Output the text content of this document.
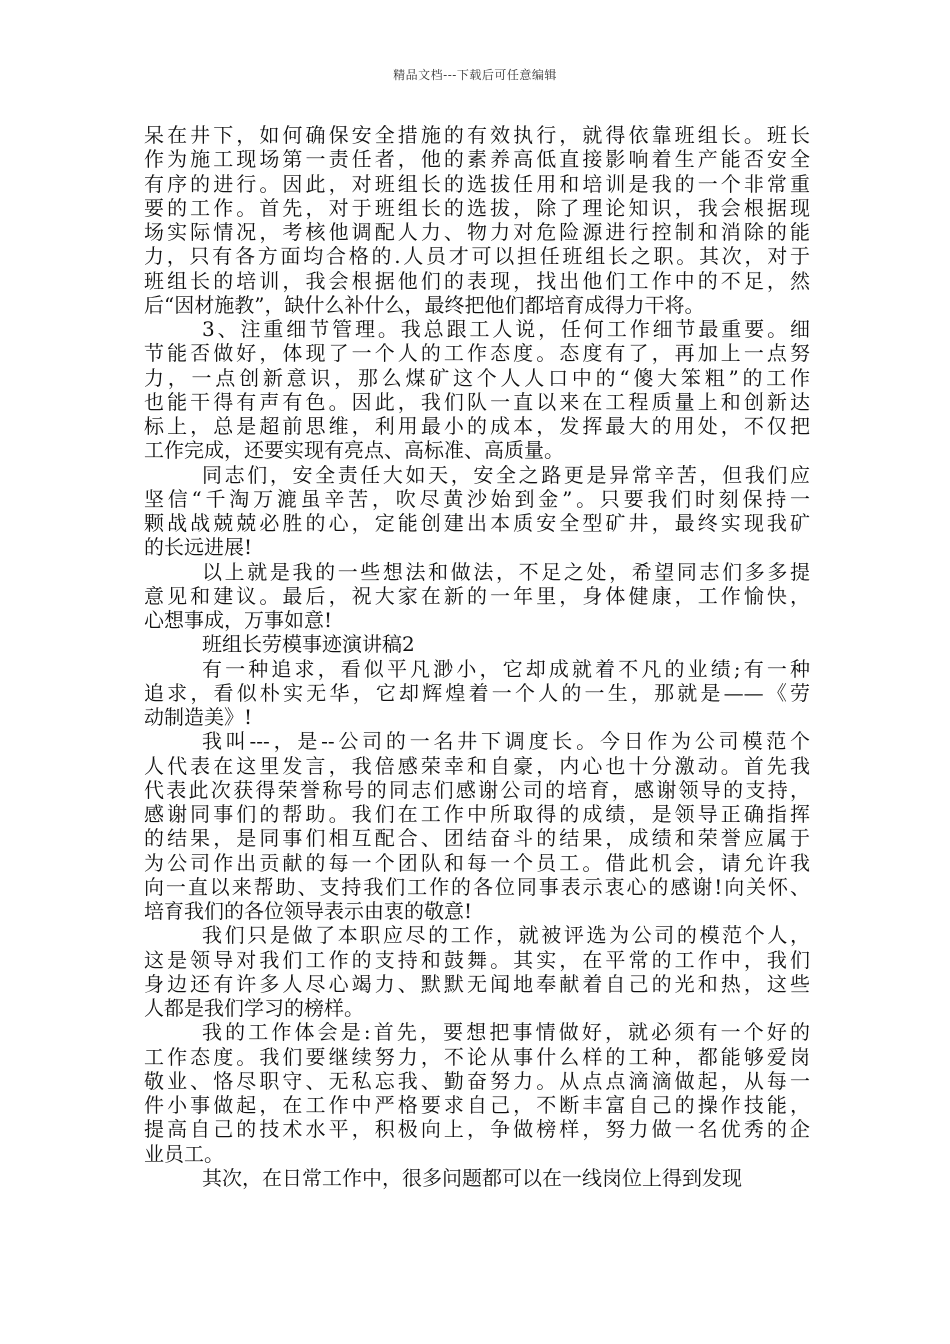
精品文档---下载后可任意编辑
呆在井下，如何确保安全措施的有效执行，就得依靠班组长。班长
作为施工现场第一责任者，他的素养高低直接影响着生产能否安全
有序的进行。因此，对班组长的选拔任用和培训是我的一个非常重
要的工作。首先，对于班组长的选拔，除了理论知识，我会根据现
场实际情况，考核他调配人力、物力对危险源进行控制和消除的能
力，只有各方面均合格的.人员才可以担任班组长之职。其次，对于
班组长的培训，我会根据他们的表现，找出他们工作中的不足，然
后“因材施教”，缺什么补什么，最终把他们都培育成得力干将。
3、注重细节管理。我总跟工人说，任何工作细节最重要。细
节能否做好，体现了一个人的工作态度。态度有了，再加上一点努
力，一点创新意识，那么煤矿这个人人口中的“傻大笨粗”的工作
也能干得有声有色。因此，我们队一直以来在工程质量上和创新达
标上，总是超前思维，利用最小的成本，发挥最大的用处，不仅把
工作完成，还要实现有亮点、高标准、高质量。
同志们，安全责任大如天，安全之路更是异常辛苦，但我们应
坚信“千淘万漉虽辛苦，吹尽黄沙始到金”。只要我们时刻保持一
颗战战兢兢必胜的心，定能创建出本质安全型矿井，最终实现我矿
的长远进展!
以上就是我的一些想法和做法，不足之处，希望同志们多多提
意见和建议。最后，祝大家在新的一年里，身体健康，工作愉快，
心想事成，万事如意!
班组长劳模事迹演讲稿2
有一种追求，看似平凡渺小，它却成就着不凡的业绩;有一种
追求，看似朴实无华，它却辉煌着一个人的一生，那就是——《劳
动制造美》!
我叫---，是--公司的一名井下调度长。今日作为公司模范个
人代表在这里发言，我倍感荣幸和自豪，内心也十分激动。首先我
代表此次获得荣誉称号的同志们感谢公司的培育，感谢领导的支持，
感谢同事们的帮助。我们在工作中所取得的成绩，是领导正确指挥
的结果，是同事们相互配合、团结奋斗的结果，成绩和荣誉应属于
为公司作出贡献的每一个团队和每一个员工。借此机会，请允许我
向一直以来帮助、支持我们工作的各位同事表示衷心的感谢!向关怀、
培育我们的各位领导表示由衷的敬意!
我们只是做了本职应尽的工作，就被评选为公司的模范个人，
这是领导对我们工作的支持和鼓舞。其实，在平常的工作中，我们
身边还有许多人尽心竭力、默默无闻地奉献着自己的光和热，这些
人都是我们学习的榜样。
我的工作体会是:首先，要想把事情做好，就必须有一个好的
工作态度。我们要继续努力，不论从事什么样的工种，都能够爱岗
敬业、恪尽职守、无私忘我、勤奋努力。从点点滴滴做起，从每一
件小事做起，在工作中严格要求自己，不断丰富自己的操作技能，
提高自己的技术水平，积极向上，争做榜样，努力做一名优秀的企
业员工。
其次，在日常工作中，很多问题都可以在一线岗位上得到发现
